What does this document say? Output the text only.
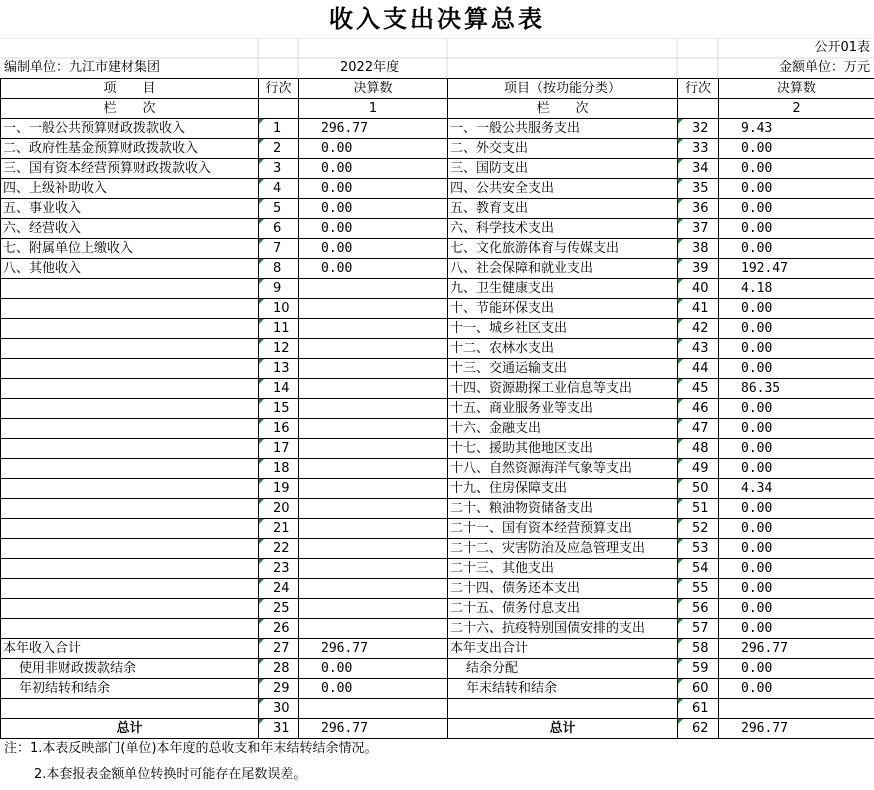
收入支出决算总表
公开01表
编制单位：九江市建材集团	2022年度	金额单位：万元
项　　目	行次	决算数	项目（按功能分类）	行次	决算数
栏　　次		1	栏　　次		2
一、一般公共预算财政拨款收入	1	296.77	一、一般公共服务支出	32	9.43
二、政府性基金预算财政拨款收入	2	0.00	二、外交支出	33	0.00
三、国有资本经营预算财政拨款收入	3	0.00	三、国防支出	34	0.00
四、上级补助收入	4	0.00	四、公共安全支出	35	0.00
五、事业收入	5	0.00	五、教育支出	36	0.00
六、经营收入	6	0.00	六、科学技术支出	37	0.00
七、附属单位上缴收入	7	0.00	七、文化旅游体育与传媒支出	38	0.00
八、其他收入	8	0.00	八、社会保障和就业支出	39	192.47
	9		九、卫生健康支出	40	4.18
	10		十、节能环保支出	41	0.00
	11		十一、城乡社区支出	42	0.00
	12		十二、农林水支出	43	0.00
	13		十三、交通运输支出	44	0.00
	14		十四、资源勘探工业信息等支出	45	86.35
	15		十五、商业服务业等支出	46	0.00
	16		十六、金融支出	47	0.00
	17		十七、援助其他地区支出	48	0.00
	18		十八、自然资源海洋气象等支出	49	0.00
	19		十九、住房保障支出	50	4.34
	20		二十、粮油物资储备支出	51	0.00
	21		二十一、国有资本经营预算支出	52	0.00
	22		二十二、灾害防治及应急管理支出	53	0.00
	23		二十三、其他支出	54	0.00
	24		二十四、债务还本支出	55	0.00
	25		二十五、债务付息支出	56	0.00
	26		二十六、抗疫特别国债安排的支出	57	0.00
本年收入合计	27	296.77	本年支出合计	58	296.77
使用非财政拨款结余	28	0.00	结余分配	59	0.00
年初结转和结余	29	0.00	年末结转和结余	60	0.00
	30			61	
总计	31	296.77	总计	62	296.77
注：1.本表反映部门(单位)本年度的总收支和年末结转结余情况。
2.本套报表金额单位转换时可能存在尾数误差。
